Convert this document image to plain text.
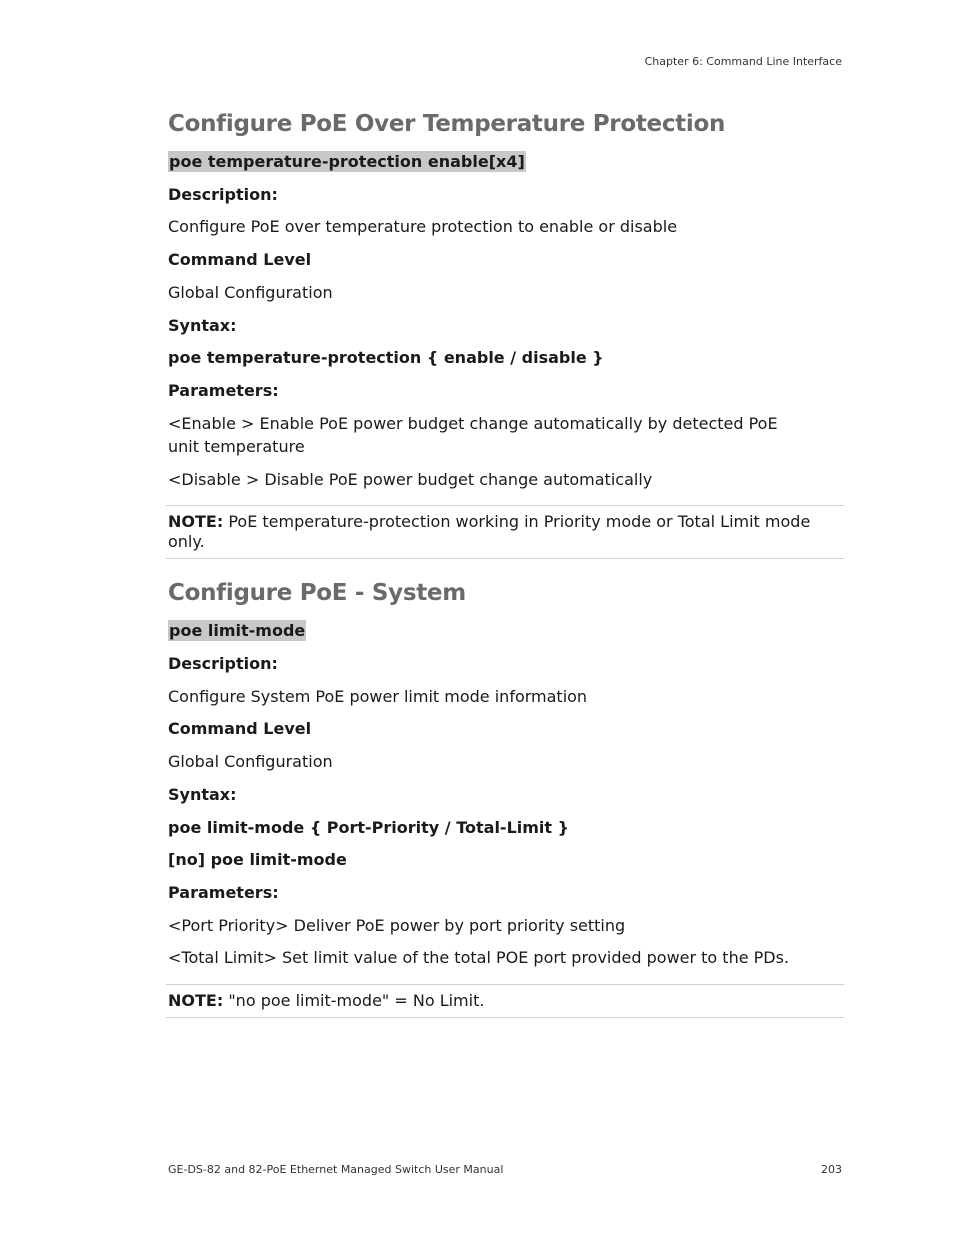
Chapter 6: Command Line Interface
Configure PoE Over Temperature Protection
poe temperature-protection enable[x4]
Description:
Configure PoE over temperature protection to enable or disable
Command Level
Global Configuration
Syntax:
poe temperature-protection { enable / disable }
Parameters:
<Enable > Enable PoE power budget change automatically by detected PoE unit temperature
<Disable > Disable PoE power budget change automatically
NOTE: PoE temperature-protection working in Priority mode or Total Limit mode only.
Configure PoE - System
poe limit-mode
Description:
Configure System PoE power limit mode information
Command Level
Global Configuration
Syntax:
poe limit-mode { Port-Priority / Total-Limit }
[no] poe limit-mode
Parameters:
<Port Priority> Deliver PoE power by port priority setting
<Total Limit> Set limit value of the total POE port provided power to the PDs.
NOTE: "no poe limit-mode" = No Limit.
GE-DS-82 and 82-PoE Ethernet Managed Switch User Manual	203
